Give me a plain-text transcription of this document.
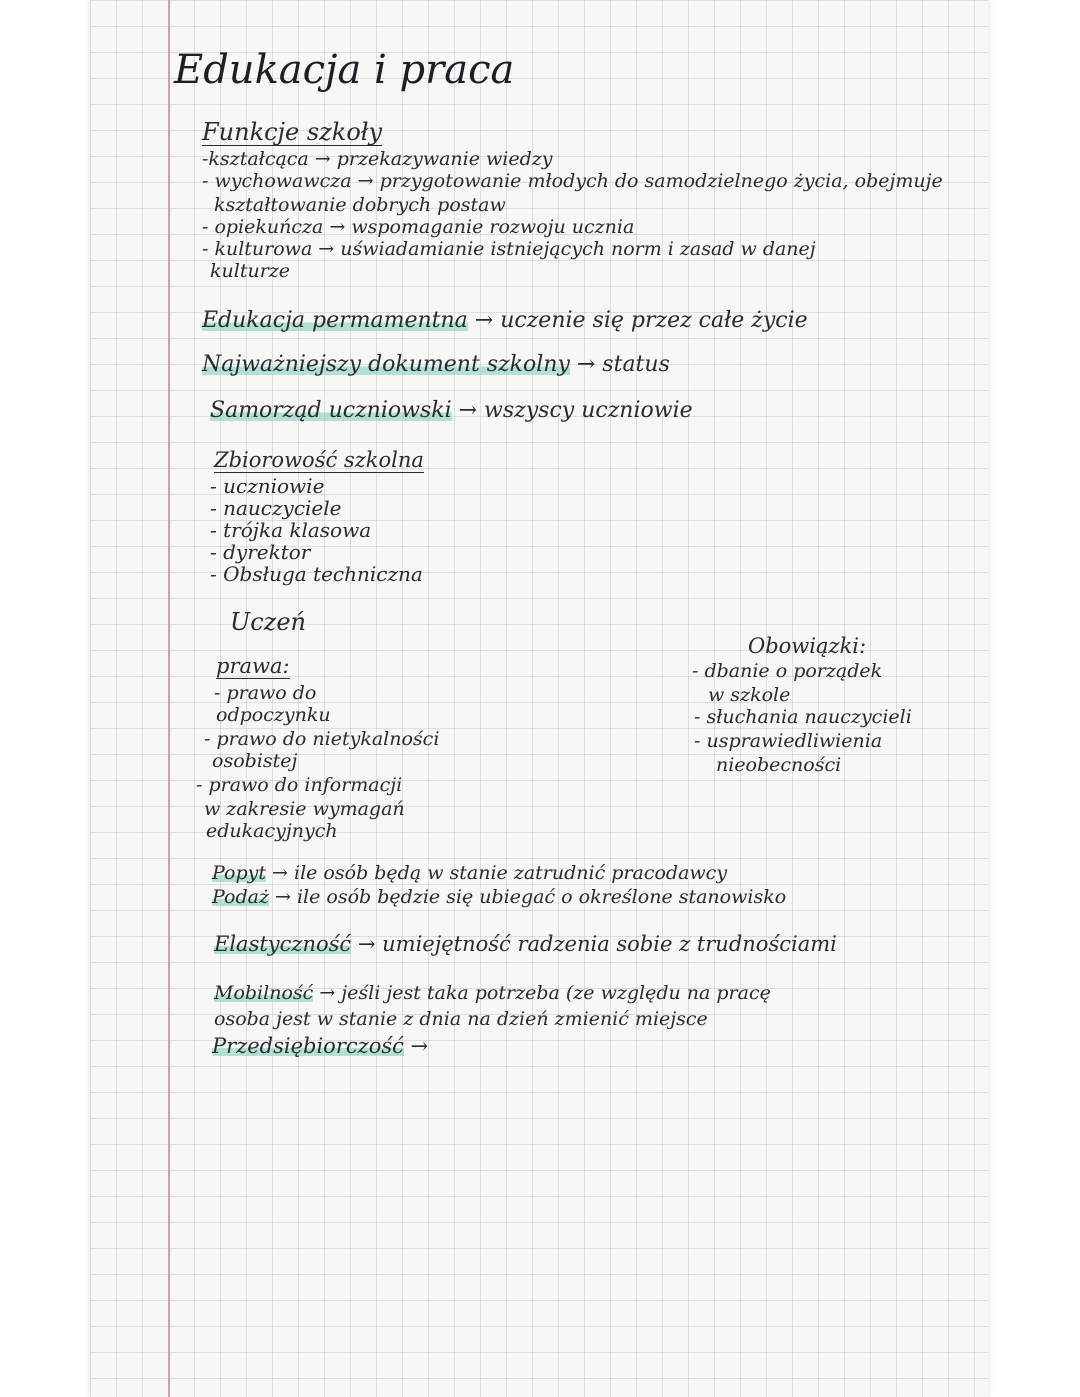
Edukacja i praca
Funkcje szkoły
-kształcąca → przekazywanie wiedzy
- wychowawcza → przygotowanie młodych do samodzielnego życia, obejmuje
kształtowanie dobrych postaw
- opiekuńcza → wspomaganie rozwoju ucznia
- kulturowa → uświadamianie istniejących norm i zasad w danej
kulturze
Edukacja permamentna → uczenie się przez całe życie
Najważniejszy dokument szkolny → status
Samorząd uczniowski → wszyscy uczniowie
Zbiorowość szkolna
- uczniowie
- nauczyciele
- trójka klasowa
- dyrektor
- Obsługa techniczna
Uczeń
prawa:
- prawo do
odpoczynku
- prawo do nietykalności
osobistej
- prawo do informacji
w zakresie wymagań
edukacyjnych
Obowiązki:
- dbanie o porządek
w szkole
- słuchania nauczycieli
- usprawiedliwienia
nieobecności
Popyt → ile osób będą w stanie zatrudnić pracodawcy
Podaż → ile osób będzie się ubiegać o określone stanowisko
Elastyczność → umiejętność radzenia sobie z trudnościami
Mobilność → jeśli jest taka potrzeba (ze względu na pracę
osoba jest w stanie z dnia na dzień zmienić miejsce
Przedsiębiorczość →
